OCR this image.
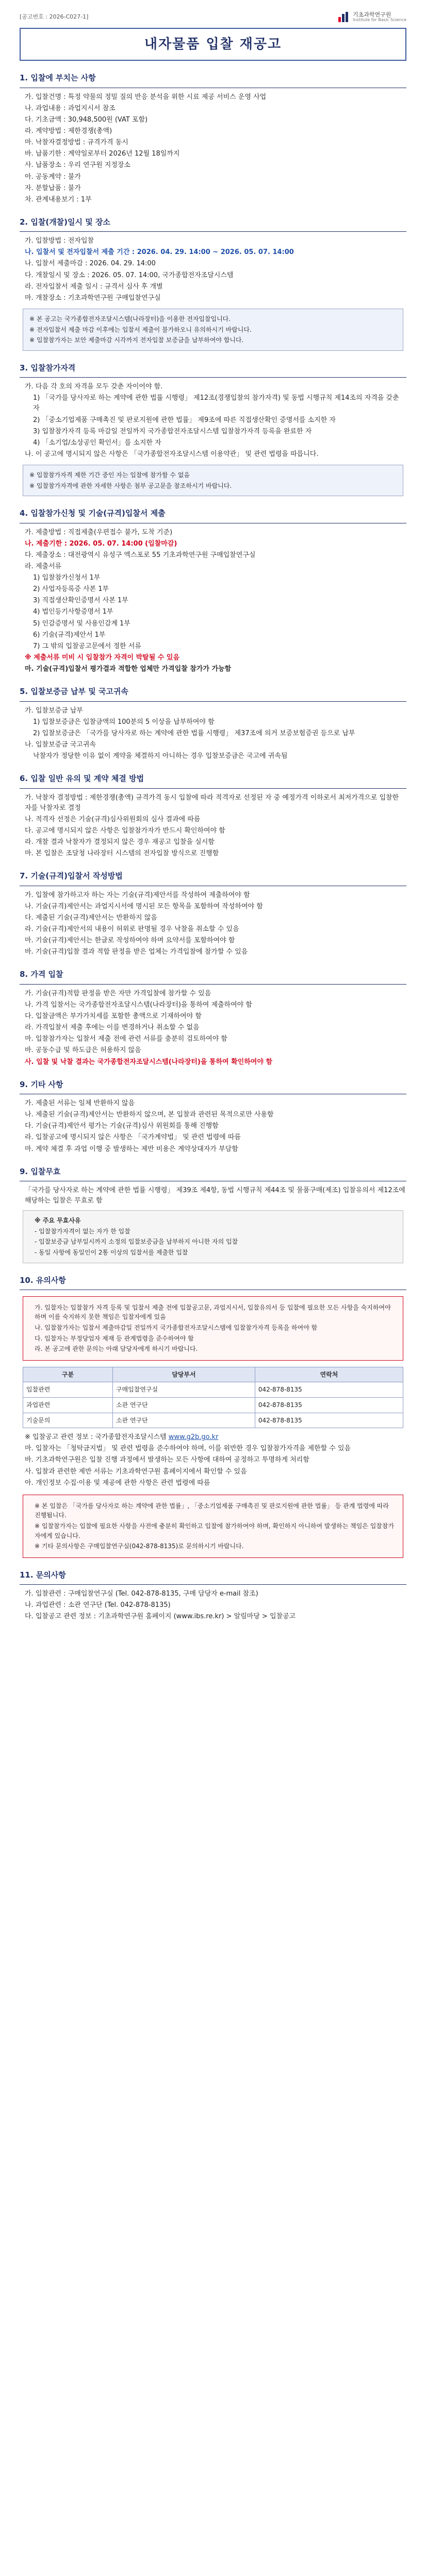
[공고번호 : 2026-C027-1]	기초과학연구원
Institute for Basic Science
내자물품 입찰 재공고
1. 입찰에 부치는 사항
가. 입찰건명 : 특정 약물의 정밀 질의 반응 분석을 위한 시료 제공 서비스 운영 사업
나. 과업내용 : 과업지시서 참조
다. 기초금액 : 30,948,500원 (VAT 포함)
라. 계약방법 : 제한경쟁(총액)
마. 낙찰자결정방법 : 규격가격 동시
바. 납품기한 : 계약일로부터 2026년 12월 18일까지
사. 납품장소 : 우리 연구원 지정장소
아. 공동계약 : 불가
자. 분할납품 : 불가
차. 관계내용보기 : 1부
2. 입찰(개찰)일시 및 장소
가. 입찰방법 : 전자입찰
나. 입찰서 및 전자입찰서 제출 기간 : 2026. 04. 29. 14:00 ~ 2026. 05. 07. 14:00
나. 입찰서 제출마감 : 2026. 04. 29. 14:00
다. 개찰일시 및 장소 : 2026. 05. 07. 14:00, 국가종합전자조달시스템
라. 전자입찰서 제출 일시 : 규격서 심사 후 개별
마. 개찰장소 : 기초과학연구원 구매입찰연구실
※ 본 공고는 국가종합전자조달시스템(나라장터)을 이용한 전자입찰입니다.
※ 전자입찰서 제출 마감 이후에는 입찰서 제출이 불가하오니 유의하시기 바랍니다.
※ 입찰참가자는 보안 제출마감 시각까지 전자입찰 보증금을 납부하여야 합니다.
3. 입찰참가자격
가. 다음 각 호의 자격을 모두 갖춘 자이어야 함.
1) 「국가를 당사자로 하는 계약에 관한 법률 시행령」 제12조(경쟁입찰의 참가자격) 및 동법 시행규칙 제14조의 자격을 갖춘 자
2) 「중소기업제품 구매촉진 및 판로지원에 관한 법률」 제9조에 따른 직접생산확인 증명서를 소지한 자
3) 입찰참가자격 등록 마감일 전일까지 국가종합전자조달시스템 입찰참가자격 등록을 완료한 자
4) 「소기업/소상공인 확인서」를 소지한 자
나. 이 공고에 명시되지 않은 사항은 「국가종합전자조달시스템 이용약관」 및 관련 법령을 따릅니다.
※ 입찰참가자격 제한 기간 중인 자는 입찰에 참가할 수 없음
※ 입찰참가자격에 관한 자세한 사항은 첨부 공고문을 참조하시기 바랍니다.
4. 입찰참가신청 및 기술(규격)입찰서 제출
가. 제출방법 : 직접제출(우편접수 불가, 도착 기준)
나. 제출기한 : 2026. 05. 07. 14:00 (입찰마감)
다. 제출장소 : 대전광역시 유성구 엑스포로 55 기초과학연구원 구매입찰연구실
라. 제출서류
1) 입찰참가신청서 1부
2) 사업자등록증 사본 1부
3) 직접생산확인증명서 사본 1부
4) 법인등기사항증명서 1부
5) 인감증명서 및 사용인감계 1부
6) 기술(규격)제안서 1부
7) 그 밖의 입찰공고문에서 정한 서류
※ 제출서류 미비 시 입찰참가 자격이 박탈될 수 있음
마. 기술(규격)입찰서 평가결과 적합한 업체만 가격입찰 참가가 가능함
5. 입찰보증금 납부 및 국고귀속
가. 입찰보증금 납부
1) 입찰보증금은 입찰금액의 100분의 5 이상을 납부하여야 함
2) 입찰보증금은 「국가를 당사자로 하는 계약에 관한 법률 시행령」 제37조에 의거 보증보험증권 등으로 납부
나. 입찰보증금 국고귀속
낙찰자가 정당한 이유 없이 계약을 체결하지 아니하는 경우 입찰보증금은 국고에 귀속됨
6. 입찰 일반 유의 및 계약 체결 방법
가. 낙찰자 결정방법 : 제한경쟁(총액) 규격가격 동시 입찰에 따라 적격자로 선정된 자 중 예정가격 이하로서 최저가격으로 입찰한 자를 낙찰자로 결정
나. 적격자 선정은 기술(규격)심사위원회의 심사 결과에 따름
다. 공고에 명시되지 않은 사항은 입찰참가자가 반드시 확인하여야 함
라. 개찰 결과 낙찰자가 결정되지 않은 경우 재공고 입찰을 실시함
마. 본 입찰은 조달청 나라장터 시스템의 전자입찰 방식으로 진행함
7. 기술(규격)입찰서 작성방법
가. 입찰에 참가하고자 하는 자는 기술(규격)제안서를 작성하여 제출하여야 함
나. 기술(규격)제안서는 과업지시서에 명시된 모든 항목을 포함하여 작성하여야 함
다. 제출된 기술(규격)제안서는 반환하지 않음
라. 기술(규격)제안서의 내용이 허위로 판명될 경우 낙찰을 취소할 수 있음
마. 기술(규격)제안서는 한글로 작성하여야 하며 요약서를 포함하여야 함
바. 기술(규격)입찰 결과 적합 판정을 받은 업체는 가격입찰에 참가할 수 있음
8. 가격 입찰
가. 기술(규격)적합 판정을 받은 자만 가격입찰에 참가할 수 있음
나. 가격 입찰서는 국가종합전자조달시스템(나라장터)을 통하여 제출하여야 함
다. 입찰금액은 부가가치세를 포함한 총액으로 기재하여야 함
라. 가격입찰서 제출 후에는 이를 변경하거나 취소할 수 없음
마. 입찰참가자는 입찰서 제출 전에 관련 서류를 충분히 검토하여야 함
바. 공동수급 및 하도급은 허용하지 않음
사. 입찰 및 낙찰 결과는 국가종합전자조달시스템(나라장터)을 통하여 확인하여야 함
9. 기타 사항
가. 제출된 서류는 일체 반환하지 않음
나. 제출된 기술(규격)제안서는 반환하지 않으며, 본 입찰과 관련된 목적으로만 사용함
다. 기술(규격)제안서 평가는 기술(규격)심사 위원회를 통해 진행함
라. 입찰공고에 명시되지 않은 사항은 「국가계약법」 및 관련 법령에 따름
마. 계약 체결 후 과업 이행 중 발생하는 제반 비용은 계약상대자가 부담함
9. 입찰무효
「국가를 당사자로 하는 계약에 관한 법률 시행령」 제39조 제4항, 동법 시행규칙 제44조 및 물품구매(제조) 입찰유의서 제12조에 해당하는 입찰은 무효로 함
※ 주요 무효사유
- 입찰참가자격이 없는 자가 한 입찰
- 입찰보증금 납부일시까지 소정의 입찰보증금을 납부하지 아니한 자의 입찰
- 동일 사항에 동일인이 2통 이상의 입찰서를 제출한 입찰
10. 유의사항
가. 입찰자는 입찰참가 자격 등록 및 입찰서 제출 전에 입찰공고문, 과업지시서, 입찰유의서 등 입찰에 필요한 모든 사항을 숙지하여야 하며 이를 숙지하지 못한 책임은 입찰자에게 있음
나. 입찰참가자는 입찰서 제출마감일 전일까지 국가종합전자조달시스템에 입찰참가자격 등록을 하여야 함
다. 입찰자는 부정당업자 제재 등 관계법령을 준수하여야 함
라. 본 공고에 관한 문의는 아래 담당자에게 하시기 바랍니다.
구분	담당부서	연락처
입찰관련	구매입찰연구실	042-878-8135
과업관련	소관 연구단	042-878-8135
기술문의	소관 연구단	042-878-8135
※ 입찰공고 관련 정보 : 국가종합전자조달시스템 www.g2b.go.kr
마. 입찰자는 「청탁금지법」 및 관련 법령을 준수하여야 하며, 이를 위반한 경우 입찰참가자격을 제한할 수 있음
바. 기초과학연구원은 입찰 진행 과정에서 발생하는 모든 사항에 대하여 공정하고 투명하게 처리함
사. 입찰과 관련한 제반 서류는 기초과학연구원 홈페이지에서 확인할 수 있음
아. 개인정보 수집·이용 및 제공에 관한 사항은 관련 법령에 따름
※ 본 입찰은 「국가를 당사자로 하는 계약에 관한 법률」, 「중소기업제품 구매촉진 및 판로지원에 관한 법률」 등 관계 법령에 따라 진행됩니다.
※ 입찰참가자는 입찰에 필요한 사항을 사전에 충분히 확인하고 입찰에 참가하여야 하며, 확인하지 아니하여 발생하는 책임은 입찰참가자에게 있습니다.
※ 기타 문의사항은 구매입찰연구실(042-878-8135)로 문의하시기 바랍니다.
11. 문의사항
가. 입찰관련 : 구매입찰연구실 (Tel. 042-878-8135, 구매 담당자 e-mail 참조)
나. 과업관련 : 소관 연구단 (Tel. 042-878-8135)
다. 입찰공고 관련 정보 : 기초과학연구원 홈페이지 (www.ibs.re.kr) > 알림마당 > 입찰공고
